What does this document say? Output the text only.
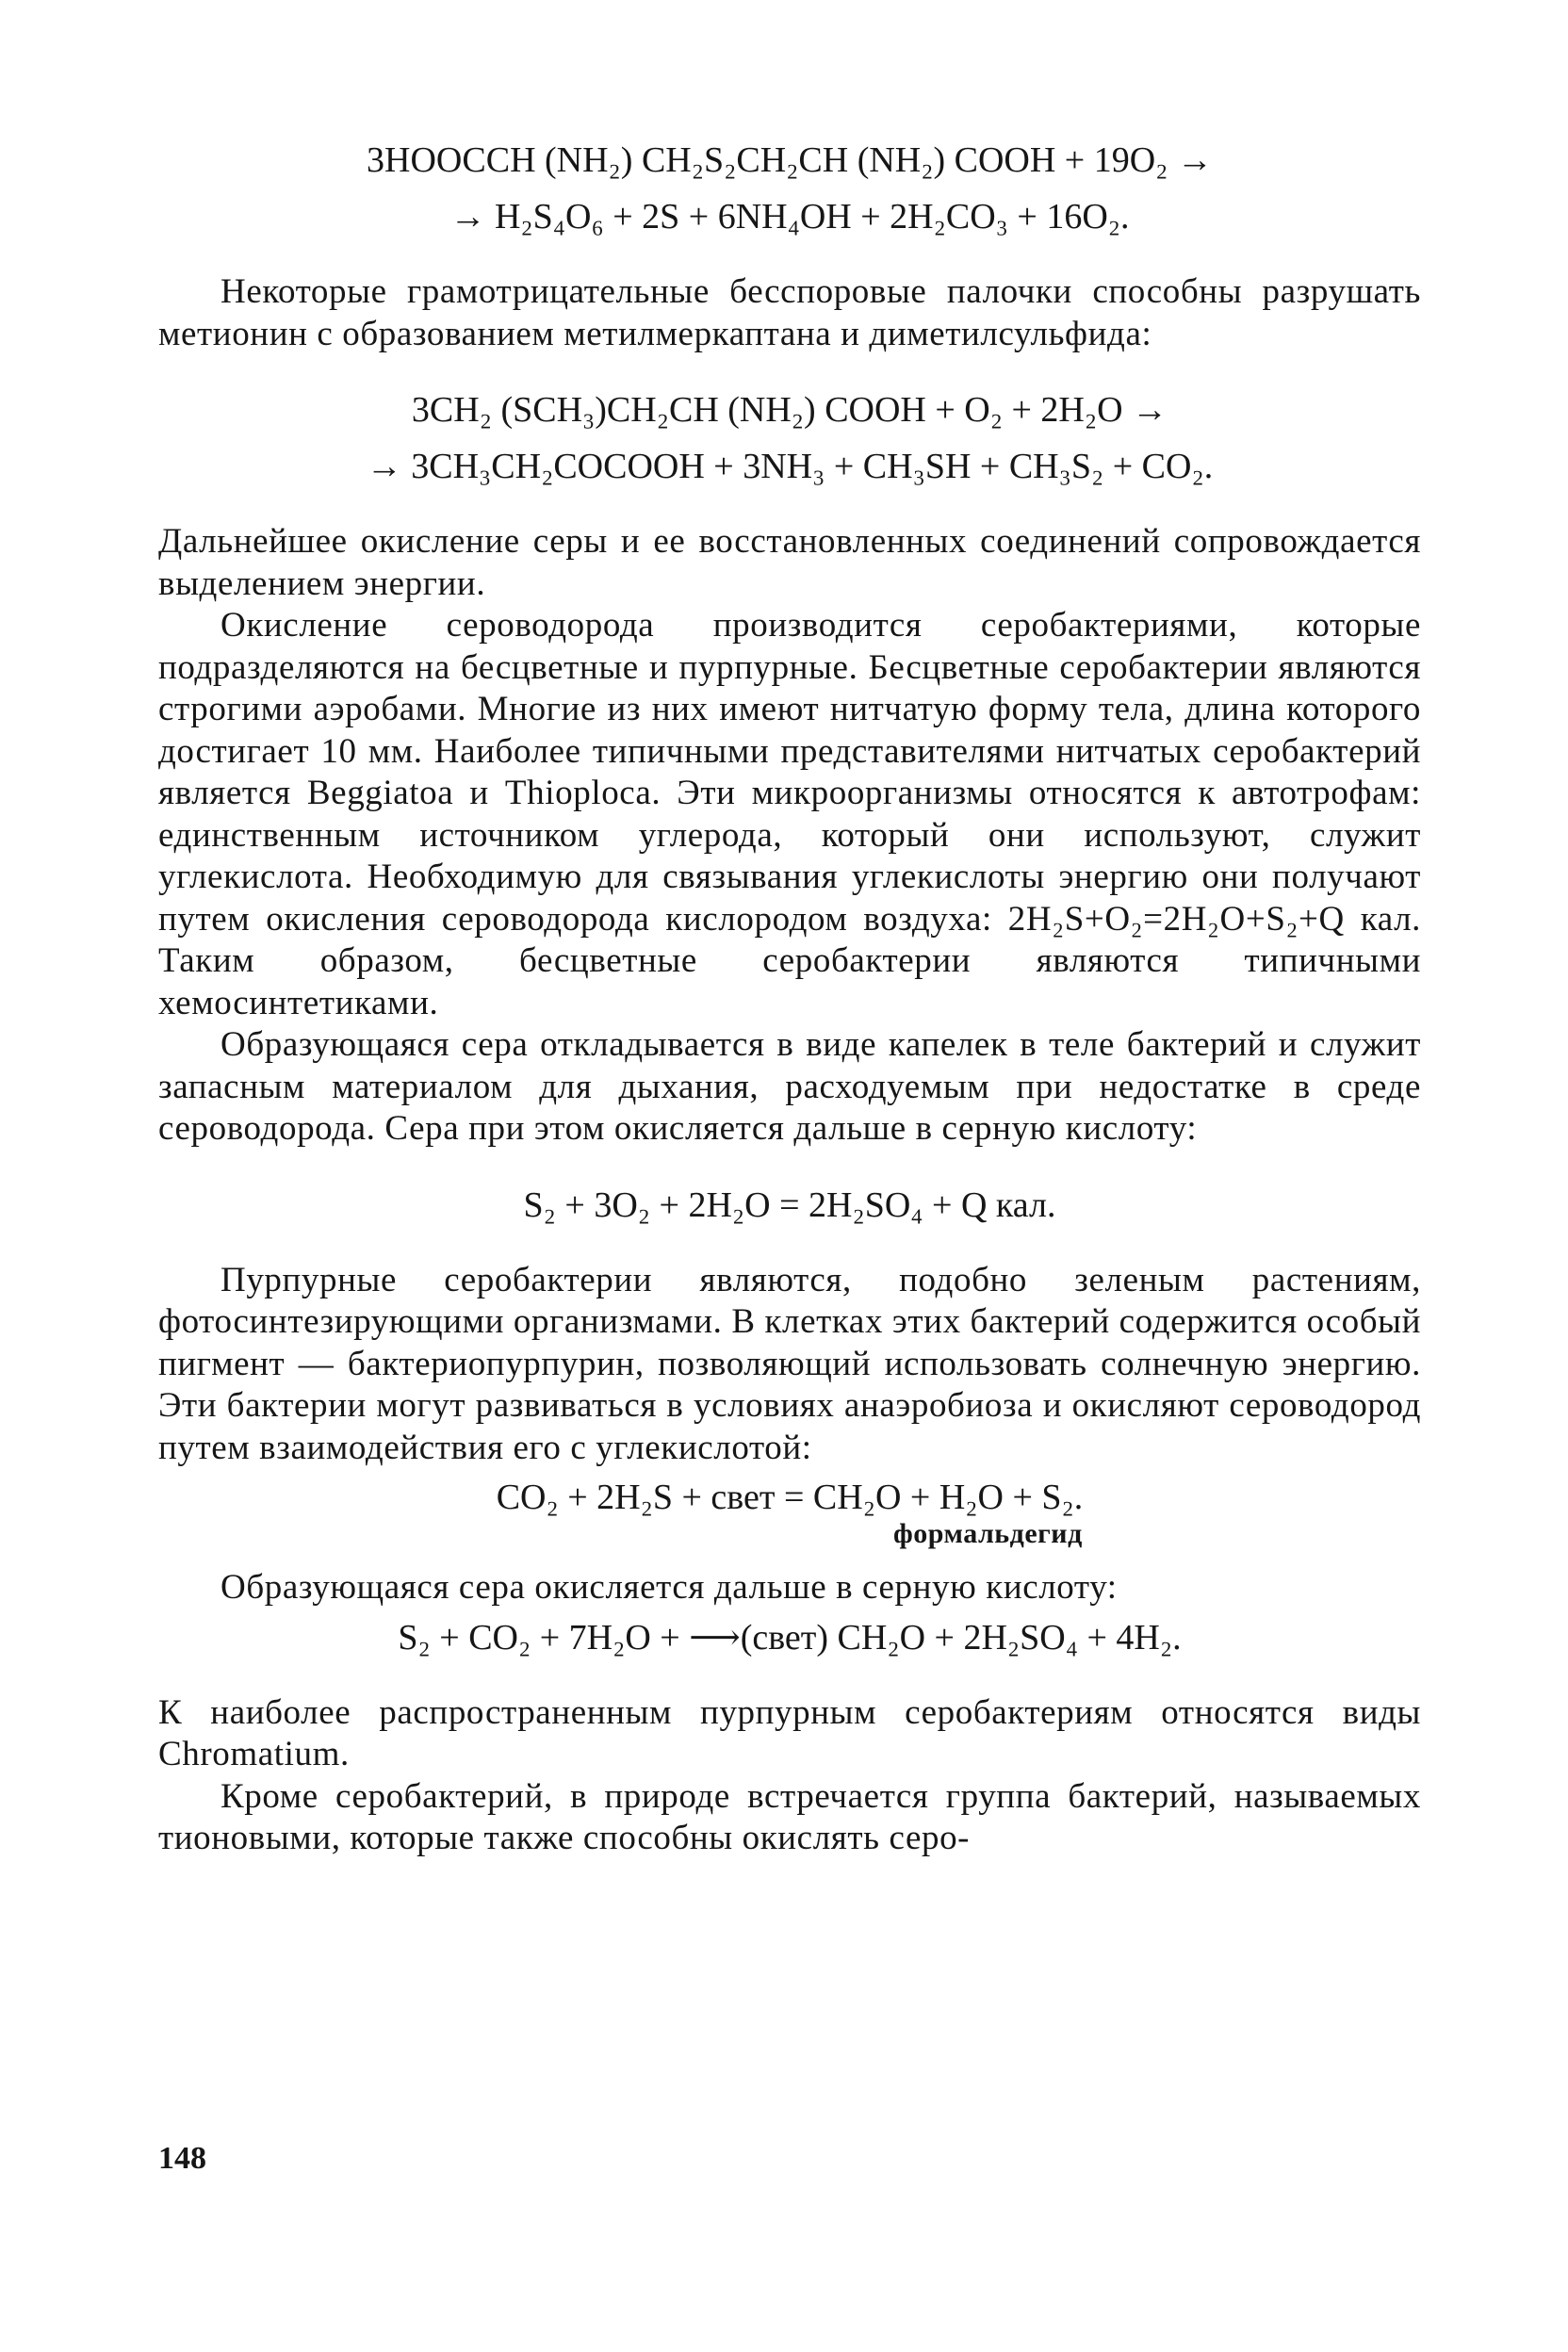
3HOOCCH (NH₂) CH₂S₂CH₂CH (NH₂) COOH + 19O₂ →
→ H₂S₄O₆ + 2S + 6NH₄OH + 2H₂CO₃ + 16O₂.

Некоторые грамотрицательные бесспоровые палочки способны разрушать метионин с образованием метилмеркаптана и диметилсульфида:

3CH₂ (SCH₃)CH₂CH (NH₂) COOH + O₂ + 2H₂O →
→ 3CH₃CH₂COCOOH + 3NH₃ + CH₃SH + CH₃S₂ + CO₂.

Дальнейшее окисление серы и ее восстановленных соединений сопровождается выделением энергии.

Окисление сероводорода производится серобактериями, которые подразделяются на бесцветные и пурпурные. Бесцветные серобактерии являются строгими аэробами. Многие из них имеют нитчатую форму тела, длина которого достигает 10 мм. Наиболее типичными представителями нитчатых серобактерий является Beggiatoa и Thioploca. Эти микроорганизмы относятся к автотрофам: единственным источником углерода, который они используют, служит углекислота. Необходимую для связывания углекислоты энергию они получают путем окисления сероводорода кислородом воздуха: 2H₂S+O₂=2H₂O+S₂+Q кал. Таким образом, бесцветные серобактерии являются типичными хемосинтетиками.

Образующаяся сера откладывается в виде капелек в теле бактерий и служит запасным материалом для дыхания, расходуемым при недостатке в среде сероводорода. Сера при этом окисляется дальше в серную кислоту:

S₂ + 3O₂ + 2H₂O = 2H₂SO₄ + Q кал.

Пурпурные серобактерии являются, подобно зеленым растениям, фотосинтезирующими организмами. В клетках этих бактерий содержится особый пигмент — бактериопурпурин, позволяющий использовать солнечную энергию. Эти бактерии могут развиваться в условиях анаэробиоза и окисляют сероводород путем взаимодействия его с углекислотой:

CO₂ + 2H₂S + свет = CH₂O + H₂O + S₂.
формальдегид

Образующаяся сера окисляется дальше в серную кислоту:

S₂ + CO₂ + 7H₂O + ⟶(свет) CH₂O + 2H₂SO₄ + 4H₂.

К наиболее распространенным пурпурным серобактериям относятся виды Chromatium.

Кроме серобактерий, в природе встречается группа бактерий, называемых тионовыми, которые также способны окислять серо-

148
